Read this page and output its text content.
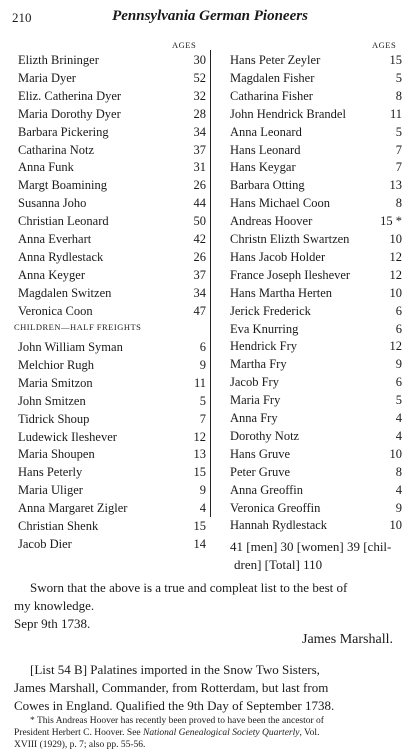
210	Pennsylvania German Pioneers
AGES	AGES
Elizth Brininger	30
Maria Dyer	52
Eliz. Catherina Dyer	32
Maria Dorothy Dyer	28
Barbara Pickering	34
Catharina Notz	37
Anna Funk	31
Margt Boamining	26
Susanna Joho	44
Christian Leonard	50
Anna Everhart	42
Anna Rydlestack	26
Anna Keyger	37
Magdalen Switzen	34
Veronica Coon	47
CHILDREN—HALF FREIGHTS
John William Syman	6
Melchior Rugh	9
Maria Smitzon	11
John Smitzen	5
Tidrick Shoup	7
Ludewick Ileshever	12
Maria Shoupen	13
Hans Peterly	15
Maria Uliger	9
Anna Margaret Zigler	4
Christian Shenk	15
Jacob Dier	14
Hans Peter Zeyler	15
Magdalen Fisher	5
Catharina Fisher	8
John Hendrick Brandel	11
Anna Leonard	5
Hans Leonard	7
Hans Keygar	7
Barbara Otting	13
Hans Michael Coon	8
Andreas Hoover	15 *
Christn Elizth Swartzen	10
Hans Jacob Holder	12
France Joseph Ileshever	12
Hans Martha Herten	10
Jerick Frederick	6
Eva Knurring	6
Hendrick Fry	12
Martha Fry	9
Jacob Fry	6
Maria Fry	5
Anna Fry	4
Dorothy Notz	4
Hans Gruve	10
Peter Gruve	8
Anna Greoffin	4
Veronica Greoffin	9
Hannah Rydlestack	10
41 [men] 30 [women] 39 [chil-
dren] [Total] 110
Sworn that the above is a true and compleat list to the best of
my knowledge.
Sepr 9th 1738.
James Marshall.
[List 54 B] Palatines imported in the Snow Two Sisters,
James Marshall, Commander, from Rotterdam, but last from
Cowes in England. Qualified the 9th Day of September 1738.
* This Andreas Hoover has recently been proved to have been the ancestor of
President Herbert C. Hoover. See National Genealogical Society Quarterly, Vol.
XVIII (1929), p. 7; also pp. 55-56.
